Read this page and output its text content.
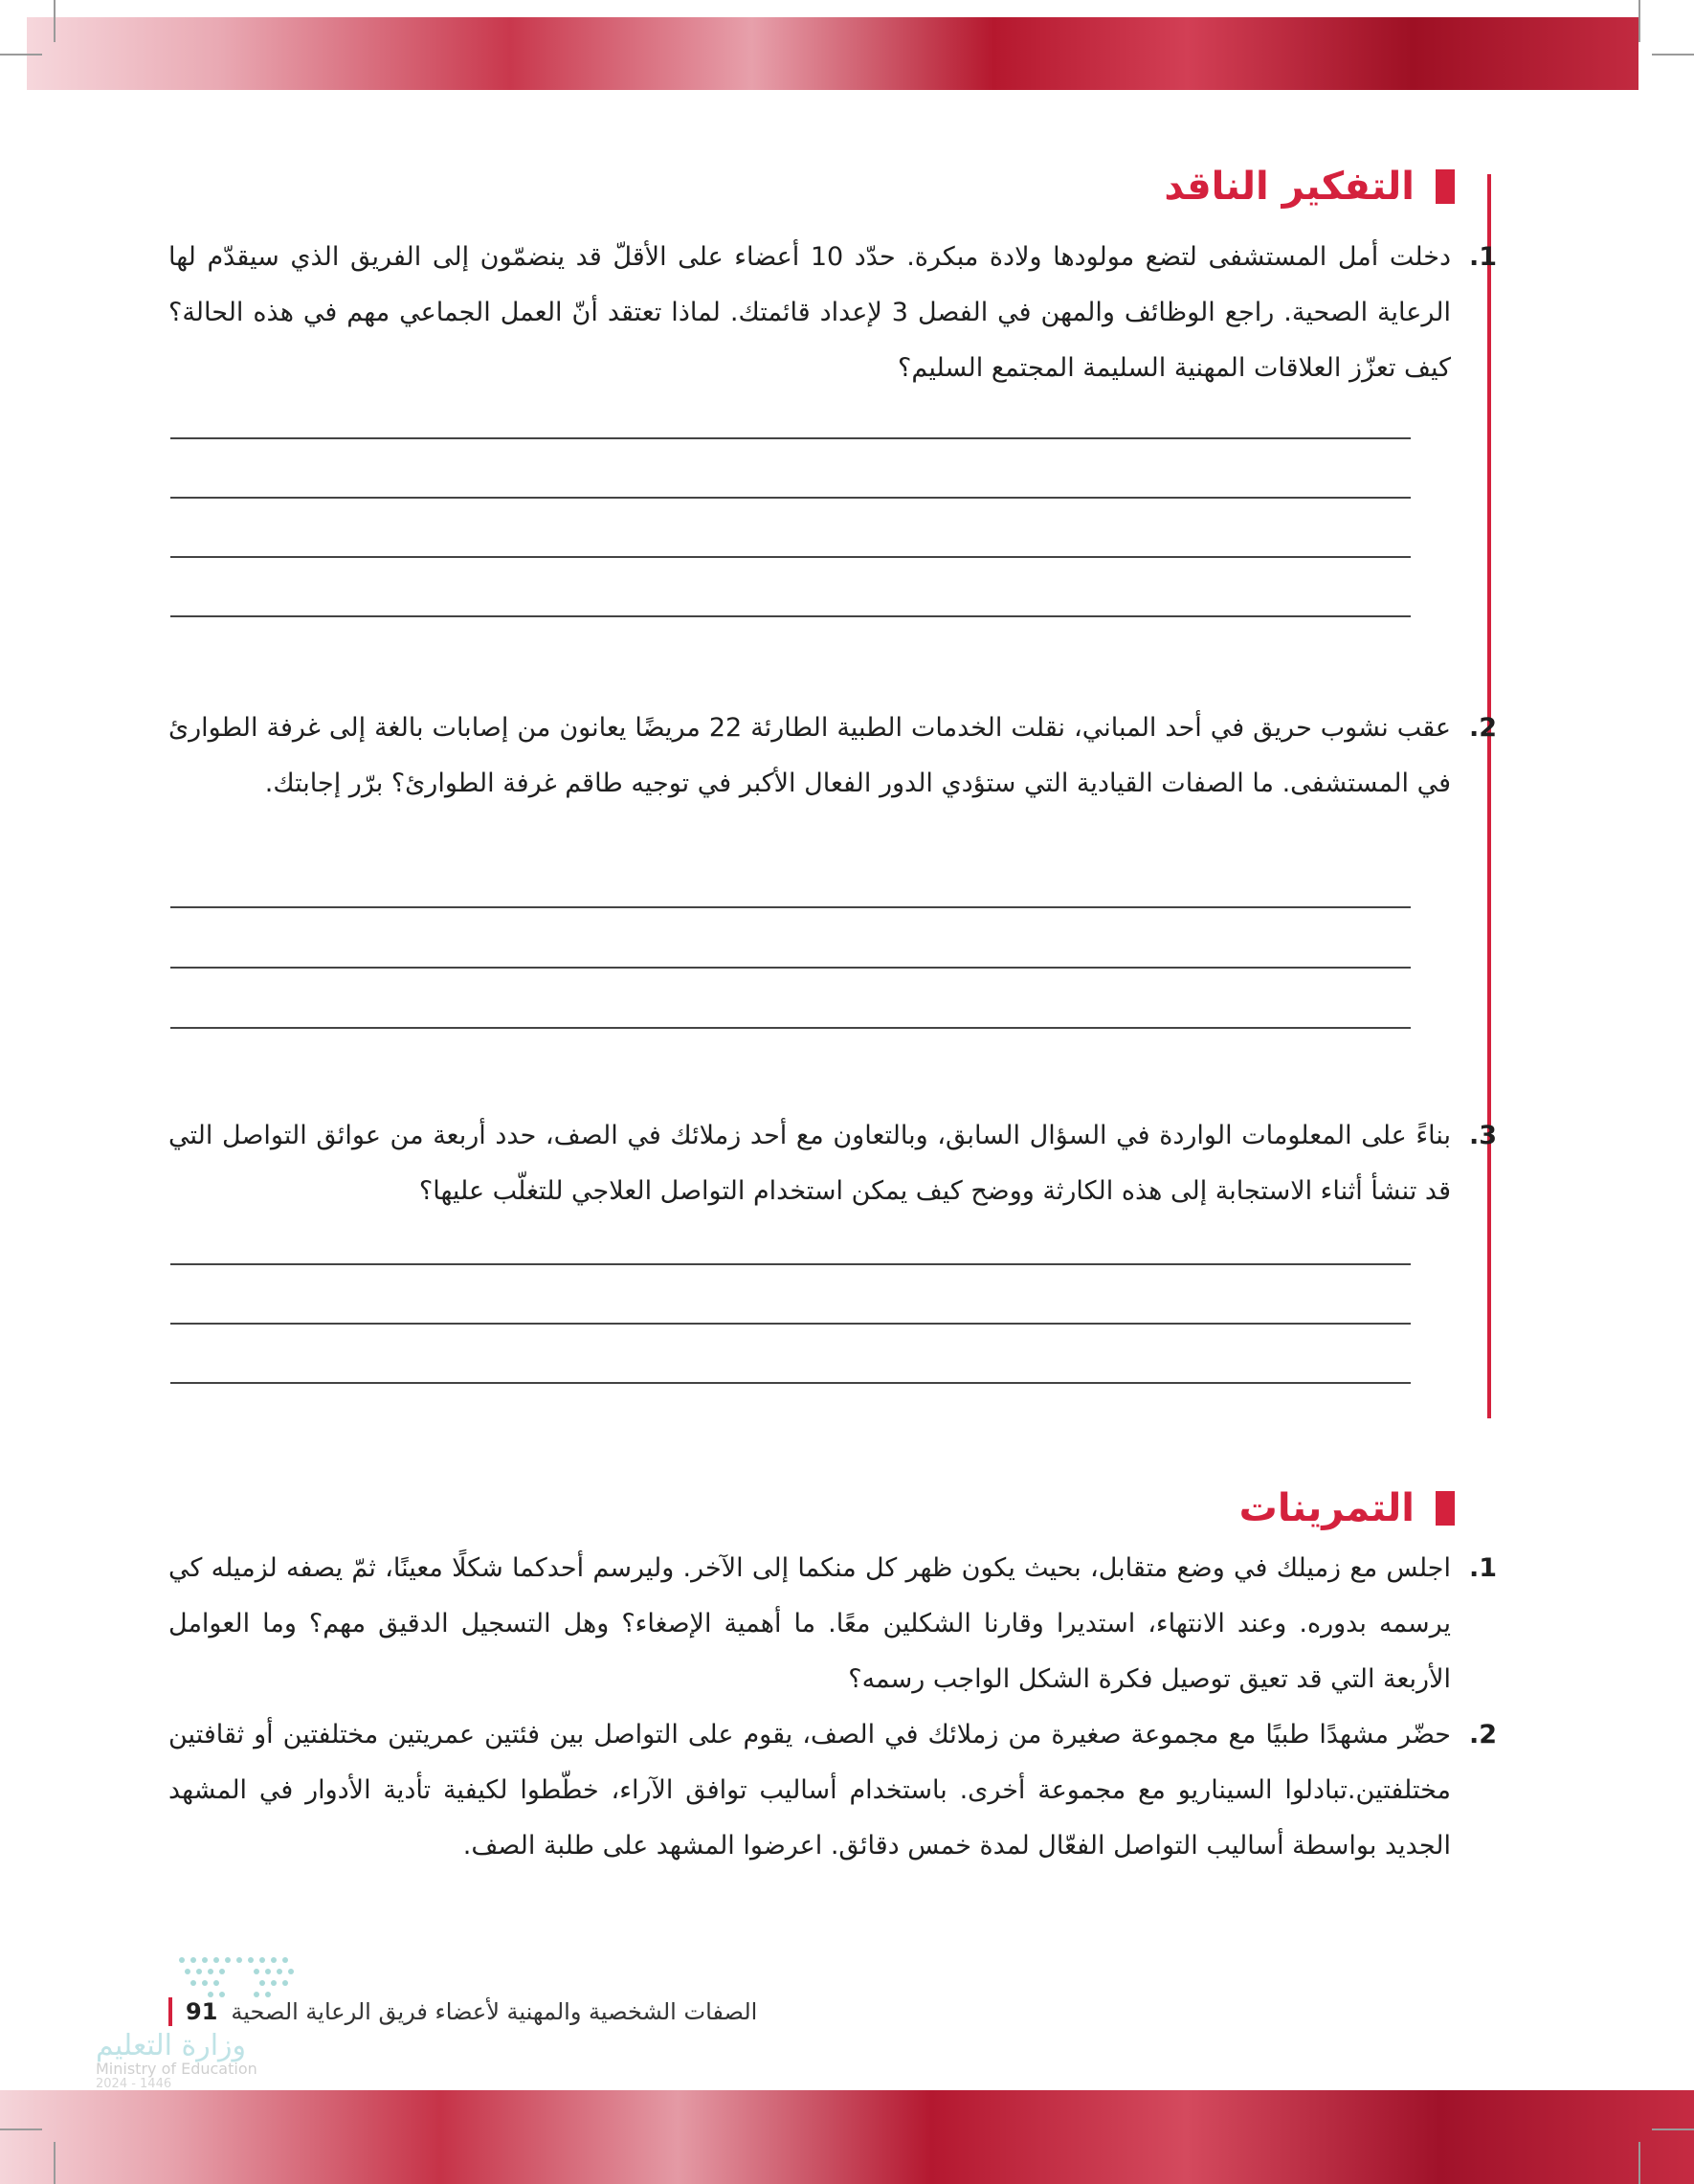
التفكير الناقد
1.
دخلت أمل المستشفى لتضع مولودها ولادة مبكرة. حدّد 10 أعضاء على الأقلّ قد ينضمّون إلى الفريق الذي سيقدّم لها الرعاية الصحية. راجع الوظائف والمهن في الفصل 3 لإعداد قائمتك. لماذا تعتقد أنّ العمل الجماعي مهم في هذه الحالة؟ كيف تعزّز العلاقات المهنية السليمة المجتمع السليم؟
2.
عقب نشوب حريق في أحد المباني، نقلت الخدمات الطبية الطارئة 22 مريضًا يعانون من إصابات بالغة إلى غرفة الطوارئ في المستشفى. ما الصفات القيادية التي ستؤدي الدور الفعال الأكبر في توجيه طاقم غرفة الطوارئ؟ برّر إجابتك.
3.
بناءً على المعلومات الواردة في السؤال السابق، وبالتعاون مع أحد زملائك في الصف، حدد أربعة من عوائق التواصل التي قد تنشأ أثناء الاستجابة إلى هذه الكارثة ووضح كيف يمكن استخدام التواصل العلاجي للتغلّب عليها؟
التمرينات
1.
اجلس مع زميلك في وضع متقابل، بحيث يكون ظهر كل منكما إلى الآخر. وليرسم أحدكما شكلًا معينًا، ثمّ يصفه لزميله كي يرسمه بدوره. وعند الانتهاء، استديرا وقارنا الشكلين معًا. ما أهمية الإصغاء؟ وهل التسجيل الدقيق مهم؟ وما العوامل الأربعة التي قد تعيق توصيل فكرة الشكل الواجب رسمه؟
2.
حضّر مشهدًا طبيًا مع مجموعة صغيرة من زملائك في الصف، يقوم على التواصل بين فئتين عمريتين مختلفتين أو ثقافتين مختلفتين.تبادلوا السيناريو مع مجموعة أخرى. باستخدام أساليب توافق الآراء، خطّطوا لكيفية تأدية الأدوار في المشهد الجديد بواسطة أساليب التواصل الفعّال لمدة خمس دقائق. اعرضوا المشهد على طلبة الصف.
وزارة التعليم
Ministry of Education
2024 - 1446
91 الصفات الشخصية والمهنية لأعضاء فريق الرعاية الصحية
